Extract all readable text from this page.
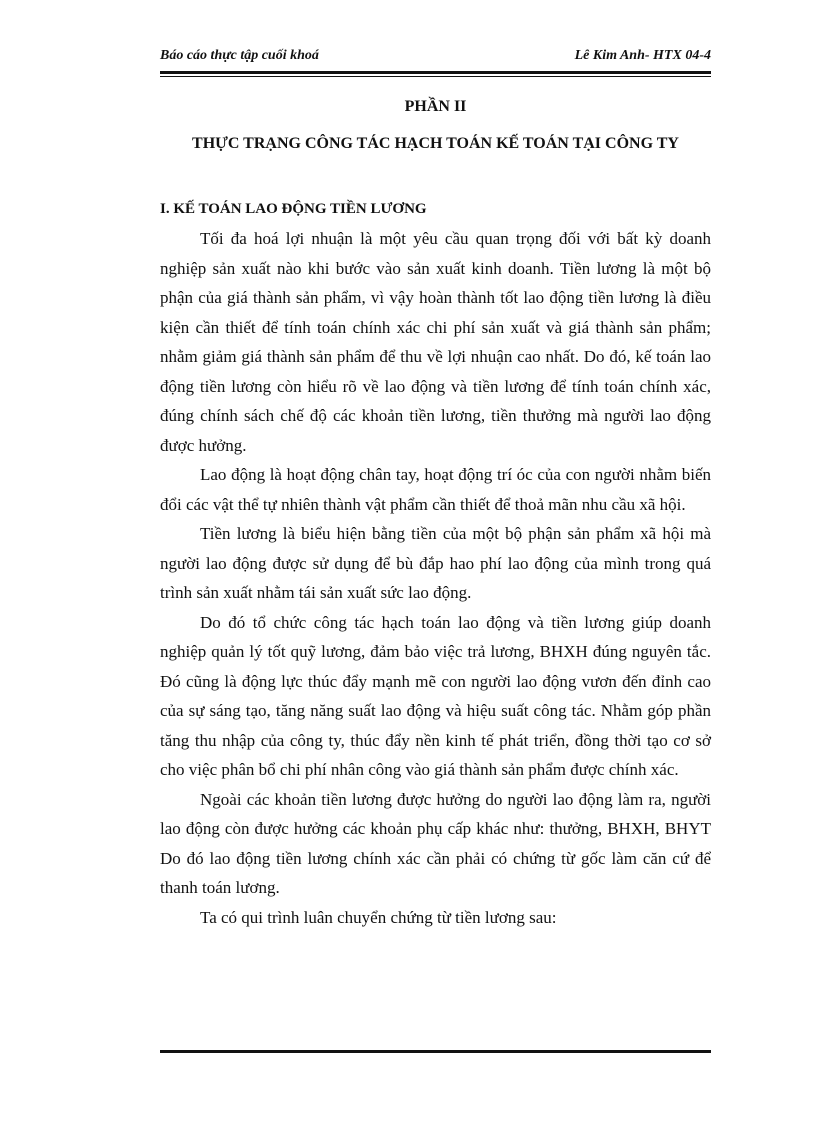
Báo cáo thực tập cuối khoá	Lê Kim Anh- HTX 04-4
PHẦN II
THỰC TRẠNG CÔNG TÁC HẠCH TOÁN KẾ TOÁN TẠI CÔNG TY
I. KẾ TOÁN LAO ĐỘNG TIỀN LƯƠNG

Tối đa hoá lợi nhuận là một yêu cầu quan trọng đối với bất kỳ doanh nghiệp sản xuất nào khi bước vào sản xuất kinh doanh. Tiền lương là một bộ phận của giá thành sản phẩm, vì vậy hoàn thành tốt lao động tiền lương là điều kiện cần thiết để tính toán chính xác chi phí sản xuất và giá thành sản phẩm; nhằm giảm giá thành sản phẩm để thu về lợi nhuận cao nhất. Do đó, kế toán lao động tiền lương còn hiểu rõ về lao động và tiền lương để tính toán chính xác, đúng chính sách chế độ các khoản tiền lương, tiền thưởng mà người lao động được hưởng.

Lao động là hoạt động chân tay, hoạt động trí óc của con người nhằm biến đổi các vật thể tự nhiên thành vật phẩm cần thiết để thoả mãn nhu cầu xã hội.

Tiền lương là biểu hiện bằng tiền của một bộ phận sản phẩm xã hội mà người lao động được sử dụng để bù đắp hao phí lao động của mình trong quá trình sản xuất nhằm tái sản xuất sức lao động.

Do đó tổ chức công tác hạch toán lao động và tiền lương giúp doanh nghiệp quản lý tốt quỹ lương, đảm bảo việc trả lương, BHXH đúng nguyên tắc. Đó cũng là động lực thúc đẩy mạnh mẽ con người lao động vươn đến đỉnh cao của sự sáng tạo, tăng năng suất lao động và hiệu suất công tác. Nhằm góp phần tăng thu nhập của công ty, thúc đẩy nền kinh tế phát triển, đồng thời tạo cơ sở cho việc phân bổ chi phí nhân công vào giá thành sản phẩm được chính xác.

Ngoài các khoản tiền lương được hưởng do người lao động làm ra, người lao động còn được hưởng các khoản phụ cấp khác như: thưởng, BHXH, BHYT Do đó lao động tiền lương chính xác cần phải có chứng từ gốc làm căn cứ để thanh toán lương.

Ta có qui trình luân chuyển chứng từ tiền lương sau:
